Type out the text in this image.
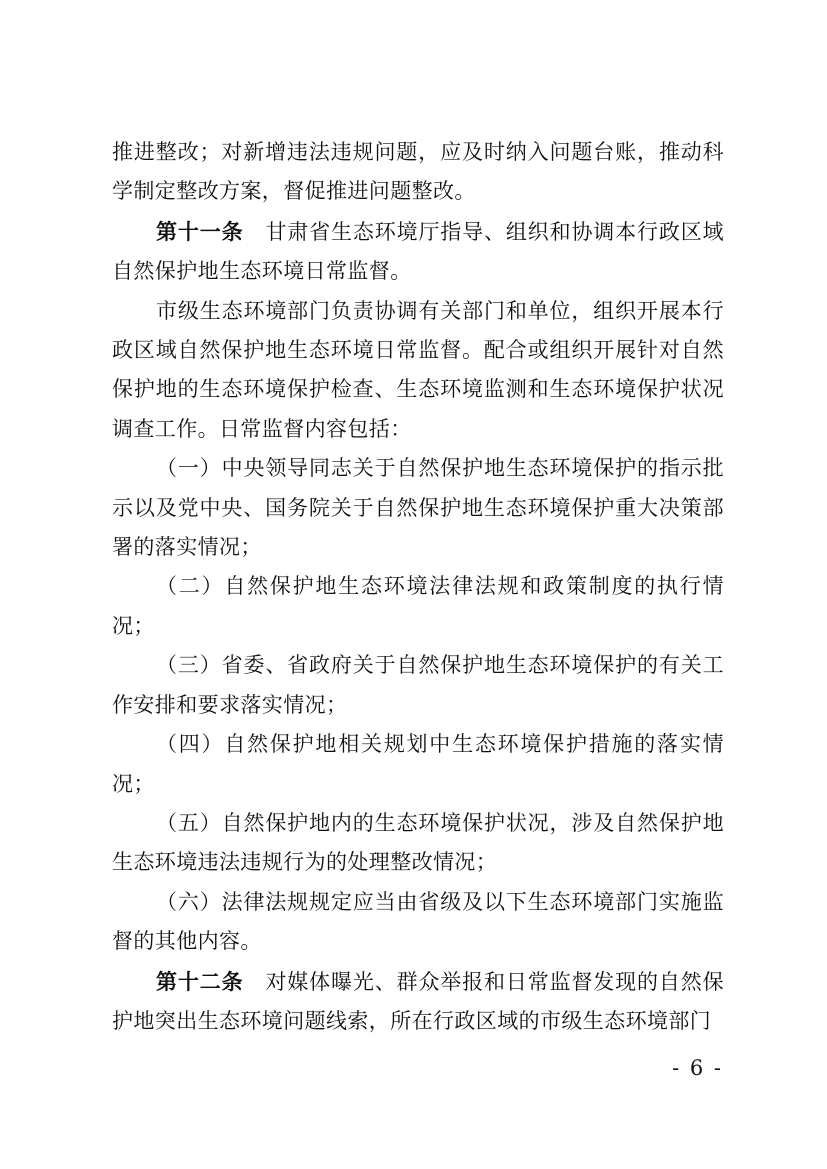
推进整改；对新增违法违规问题，应及时纳入问题台账，推动科学制定整改方案，督促推进问题整改。

第十一条 甘肃省生态环境厅指导、组织和协调本行政区域自然保护地生态环境日常监督。

市级生态环境部门负责协调有关部门和单位，组织开展本行政区域自然保护地生态环境日常监督。配合或组织开展针对自然保护地的生态环境保护检查、生态环境监测和生态环境保护状况调查工作。日常监督内容包括：

（一）中央领导同志关于自然保护地生态环境保护的指示批示以及党中央、国务院关于自然保护地生态环境保护重大决策部署的落实情况；

（二）自然保护地生态环境法律法规和政策制度的执行情况；

（三）省委、省政府关于自然保护地生态环境保护的有关工作安排和要求落实情况；

（四）自然保护地相关规划中生态环境保护措施的落实情况；

（五）自然保护地内的生态环境保护状况，涉及自然保护地生态环境违法违规行为的处理整改情况；

（六）法律法规规定应当由省级及以下生态环境部门实施监督的其他内容。

第十二条 对媒体曝光、群众举报和日常监督发现的自然保护地突出生态环境问题线索，所在行政区域的市级生态环境部门

- 6 -
